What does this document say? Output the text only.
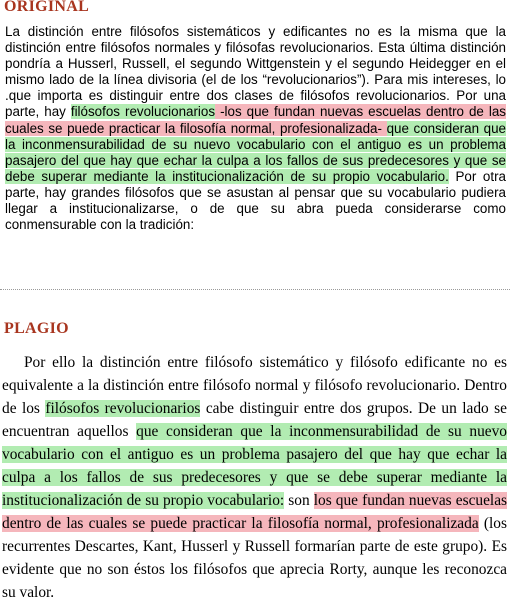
ORIGINAL

La distinción entre filósofos sistemáticos y edificantes no es la misma que la distinción entre filósofos normales y filósofas revolucionarios. Esta última distinción pondría a Husserl, Russell, el segundo Wittgenstein y el segundo Heidegger en el mismo lado de la línea divisoria (el de los “revolucionarios”). Para mis intereses, lo .que importa es distinguir entre dos clases de filósofos revolucionarios. Por una parte, hay filósofos revolucionarios -los que fundan nuevas escuelas dentro de las cuales se puede practicar la filosofía normal, profesionalizada- que consideran que la inconmensurabilidad de su nuevo vocabulario con el antiguo es un problema pasajero del que hay que echar la culpa a los fallos de sus predecesores y que se debe superar mediante la institucionalización de su propio vocabulario. Por otra parte, hay grandes filósofos que se asustan al pensar que su vocabulario pudiera llegar a institucionalizarse, o de que su abra pueda considerarse como conmensurable con la tradición:

PLAGIO

Por ello la distinción entre filósofo sistemático y filósofo edificante no es equivalente a la distinción entre filósofo normal y filósofo revolucionario. Dentro de los filósofos revolucionarios cabe distinguir entre dos grupos. De un lado se encuentran aquellos que consideran que la inconmensurabilidad de su nuevo vocabulario con el antiguo es un problema pasajero del que hay que echar la culpa a los fallos de sus predecesores y que se debe superar mediante la institucionalización de su propio vocabulario: son los que fundan nuevas escuelas dentro de las cuales se puede practicar la filosofía normal, profesionalizada (los recurrentes Descartes, Kant, Husserl y Russell formarían parte de este grupo). Es evidente que no son éstos los filósofos que aprecia Rorty, aunque les reconozca su valor.
